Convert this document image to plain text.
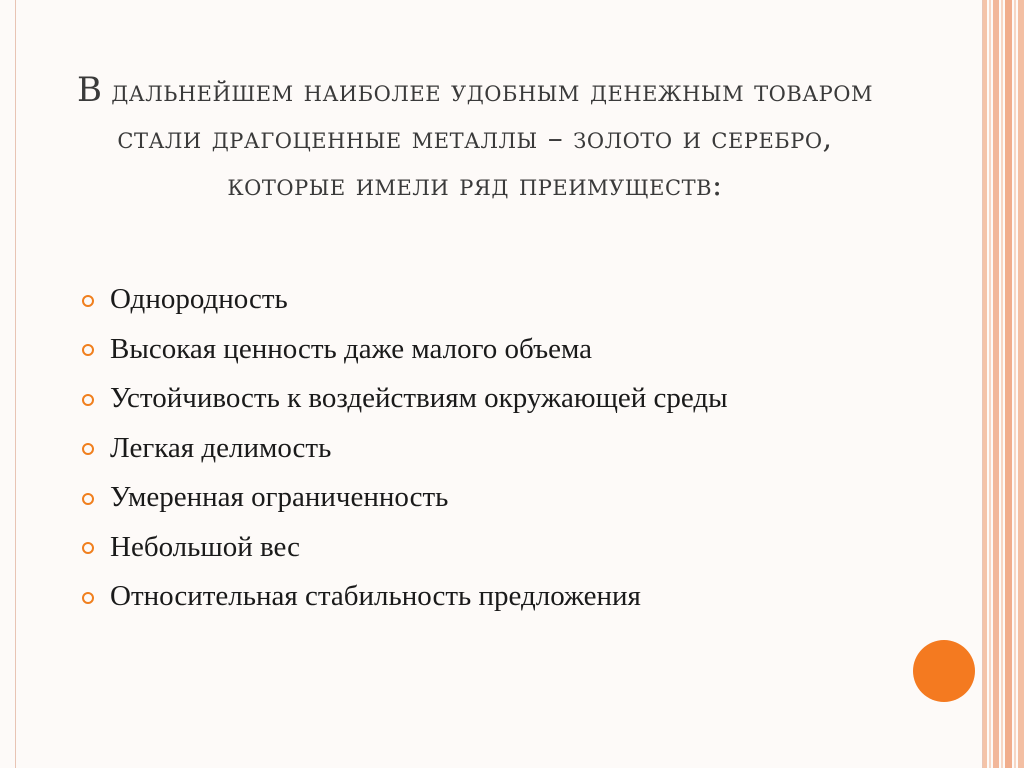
В дальнейшем наиболее удобным денежным товаром стали драгоценные металлы – золото и серебро, которые имели ряд преимуществ:
Однородность
Высокая ценность даже малого объема
Устойчивость к воздействиям окружающей среды
Легкая делимость
Умеренная ограниченность
Небольшой вес
Относительная стабильность предложения
